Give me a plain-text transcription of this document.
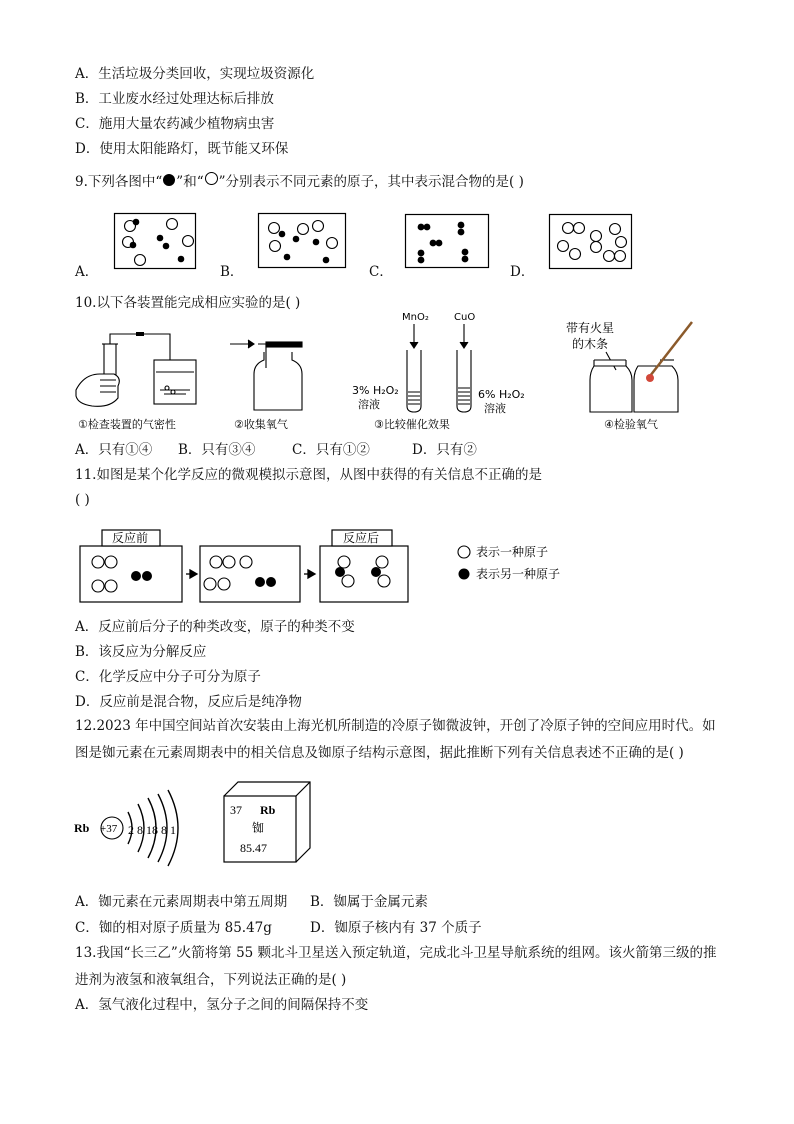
A．生活垃圾分类回收，实现垃圾资源化
B．工业废水经过处理达标后排放
C．施用大量农药减少植物病虫害
D．使用太阳能路灯，既节能又环保
9.下列各图中“ ”和“ ”分别表示不同元素的原子，其中表示混合物的是( )
A．	B．	C．	D．
10.以下各装置能完成相应实验的是( )
①检查装置的气密性	②收集氧气
MnO₂	CuO
3% H₂O₂
溶液
6% H₂O₂
溶液
③比较催化效果
带有火星
的木条
④检验氧气
A．只有①④ B．只有③④	C．只有①②	D．只有②
11.如图是某个化学反应的微观模拟示意图，从图中获得的有关信息不正确的是
( )
反应前	反应后
表示一种原子
表示另一种原子
A．反应前后分子的种类改变，原子的种类不变
B．该反应为分解反应
C．化学反应中分子可分为原子
D．反应前是混合物，反应后是纯净物
12.2023 年中国空间站首次安装由上海光机所制造的冷原子铷微波钟，开创了冷原子钟的空间应用时代。如图是铷元素在元素周期表中的相关信息及铷原子结构示意图，据此推断下列有关信息表述不正确的是( )
Rb +37 2 8 18 8 1
37 Rb
铷
85.47
A．铷元素在元素周期表中第五周期 B．铷属于金属元素
C．铷的相对原子质量为 85.47g	D．铷原子核内有 37 个质子
13.我国“长三乙”火箭将第 55 颗北斗卫星送入预定轨道，完成北斗卫星导航系统的组网。该火箭第三级的推进剂为液氢和液氧组合，下列说法正确的是( )
A．氢气液化过程中，氢分子之间的间隔保持不变
